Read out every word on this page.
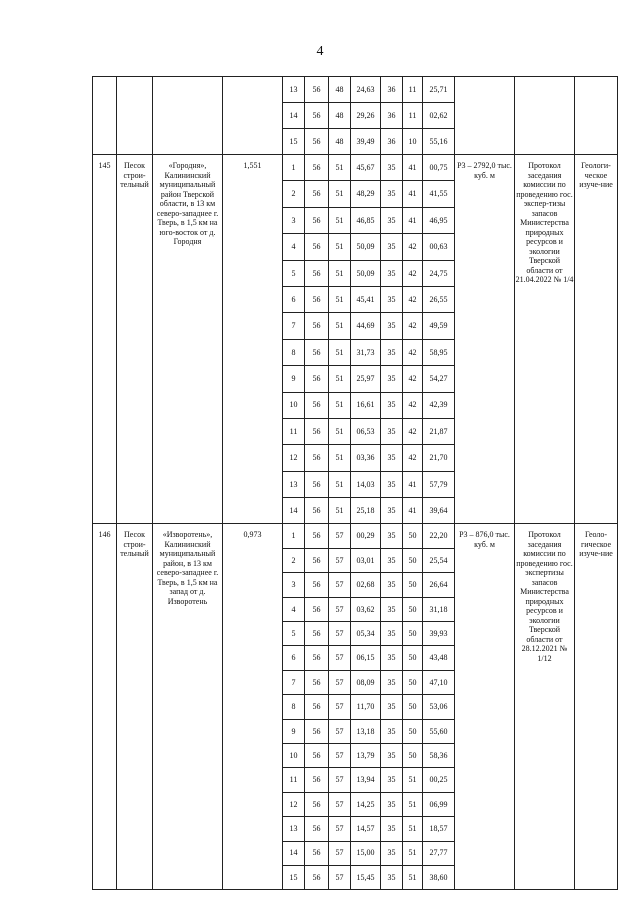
4
				13	56	48	24,63	36	11	25,71			
				14	56	48	29,26	36	11	02,62			
				15	56	48	39,49	36	10	55,16			
145	Песок строи-тельный	«Городня», Калининский муниципальный район Тверской области, в 13 км северо-западнее г. Тверь, в 1,5 км на юго-восток от д. Городня	1,551	1	56	51	45,67	35	41	00,75	Р3 – 2792,0 тыс. куб. м	Протокол заседания комиссии по проведению гос. экспер-тизы запасов Министерства природных ресурсов и экологии Тверской области от 21.04.2022 № 1/4	Геологи-ческое изуче-ние
				2	56	51	48,29	35	41	41,55			
				3	56	51	46,85	35	41	46,95			
				4	56	51	50,09	35	42	00,63			
				5	56	51	50,09	35	42	24,75			
				6	56	51	45,41	35	42	26,55			
				7	56	51	44,69	35	42	49,59			
				8	56	51	31,73	35	42	58,95			
				9	56	51	25,97	35	42	54,27			
				10	56	51	16,61	35	42	42,39			
				11	56	51	06,53	35	42	21,87			
				12	56	51	03,36	35	42	21,70			
				13	56	51	14,03	35	41	57,79			
				14	56	51	25,18	35	41	39,64			
146	Песок строи-тельный	«Изворотень», Калининский муниципальный район, в 13 км северо-западнее г. Тверь, в 1,5 км на запад от д. Изворотень	0,973	1	56	57	00,29	35	50	22,20	Р3 – 876,0 тыс. куб. м	Протокол заседания комиссии по проведению гос. экспертизы запасов Министерства природных ресурсов и экологии Тверской области от 28.12.2021 № 1/12	Геоло-гическое изуче-ние
				2	56	57	03,01	35	50	25,54			
				3	56	57	02,68	35	50	26,64			
				4	56	57	03,62	35	50	31,18			
				5	56	57	05,34	35	50	39,93			
				6	56	57	06,15	35	50	43,48			
				7	56	57	08,09	35	50	47,10			
				8	56	57	11,70	35	50	53,06			
				9	56	57	13,18	35	50	55,60			
				10	56	57	13,79	35	50	58,36			
				11	56	57	13,94	35	51	00,25			
				12	56	57	14,25	35	51	06,99			
				13	56	57	14,57	35	51	18,57			
				14	56	57	15,00	35	51	27,77			
				15	56	57	15,45	35	51	38,60			
